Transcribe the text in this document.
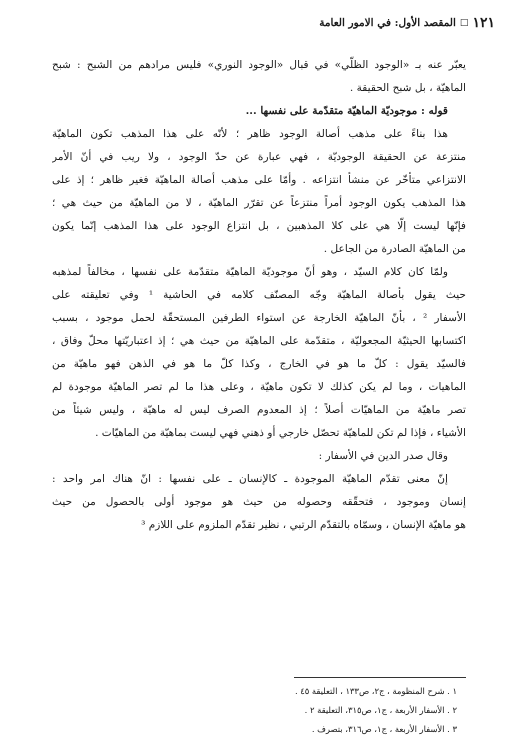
١٢١
□
المقصد الأول: في الامور العامة
يعبّر عنه بـ «الوجود الظلّي» في قبال «الوجود النوري» فليس مرادهم من الشبح : شبح
الماهيّة ، بل شبح الحقيقة .
قوله : موجوديّة الماهيّة متقدّمة على نفسها ...
هذا بناءً على مذهب أصالة الوجود ظاهر ؛ لأنّه على هذا المذهب تكون الماهيّة
منتزعة عن الحقيقة الوجوديّة ، فهي عبارة عن حدّ الوجود ، ولا ريب في أنّ الأمر
الانتزاعي متأخّر عن منشأ انتزاعه . وأمّا على مذهب أصالة الماهيّة فغير ظاهر ؛ إذ على
هذا المذهب يكون الوجود أمراً منتزعاً عن تقرّر الماهيّة ، لا من الماهيّة من حيث هي ؛
فإنّها ليست إلّا هي على كلا المذهبين ، بل انتزاع الوجود على هذا المذهب إنّما يكون
من الماهيّة الصادرة من الجاعل .
ولمّا كان كلام السيّد ، وهو أنّ موجوديّة الماهيّة متقدّمة على نفسها ، مخالفاً لمذهبه
حيث يقول بأصالة الماهيّة وجّه المصنّف كلامه في الحاشية ¹ وفي تعليقته على
الأسفار ² ، بأنّ الماهيّة الخارجة عن استواء الطرفين المستحقّة لحمل موجود ، بسبب
اكتسابها الحيثيّة المجعوليّة ، متقدّمة على الماهيّة من حيث هي ؛ إذ اعتباريّتها محلّ وفاق ،
فالسيّد يقول : كلّ ما هو في الخارج ، وكذا كلّ ما هو في الذهن فهو ماهيّة من
الماهيات ، وما لم يكن كذلك لا تكون ماهيّة ، وعلى هذا ما لم تصر الماهيّة موجودة لم
تصر ماهيّة من الماهيّات أصلاً ؛ إذ المعدوم الصرف ليس له ماهيّة ، وليس شيئاً من
الأشياء ، فإذا لم تكن للماهيّة تحصّل خارجي أو ذهني فهي ليست بماهيّة من الماهيّات .
وقال صدر الدين في الأسفار :
إنّ معنى تقدّم الماهيّة الموجودة ـ كالإنسان ـ على نفسها : انّ هناك امر واحد :
إنسان وموجود ، فتحقّقه وحصوله من حيث هو موجود أولى بالحصول من حيث
هو ماهيّة الإنسان ، وسمّاه بالتقدّم الرتبي ، نظير تقدّم الملزوم على اللازم ³
١ . شرح المنظومة ، ج٢، ص١٣٣ ، التعليقة ٤٥ .
٢ . الأسفار الأربعة ، ج١، ص٣١٥، التعليقة ٢ .
٣ . الأسفار الأربعة ، ج١، ص٣١٦، بتصرف .
